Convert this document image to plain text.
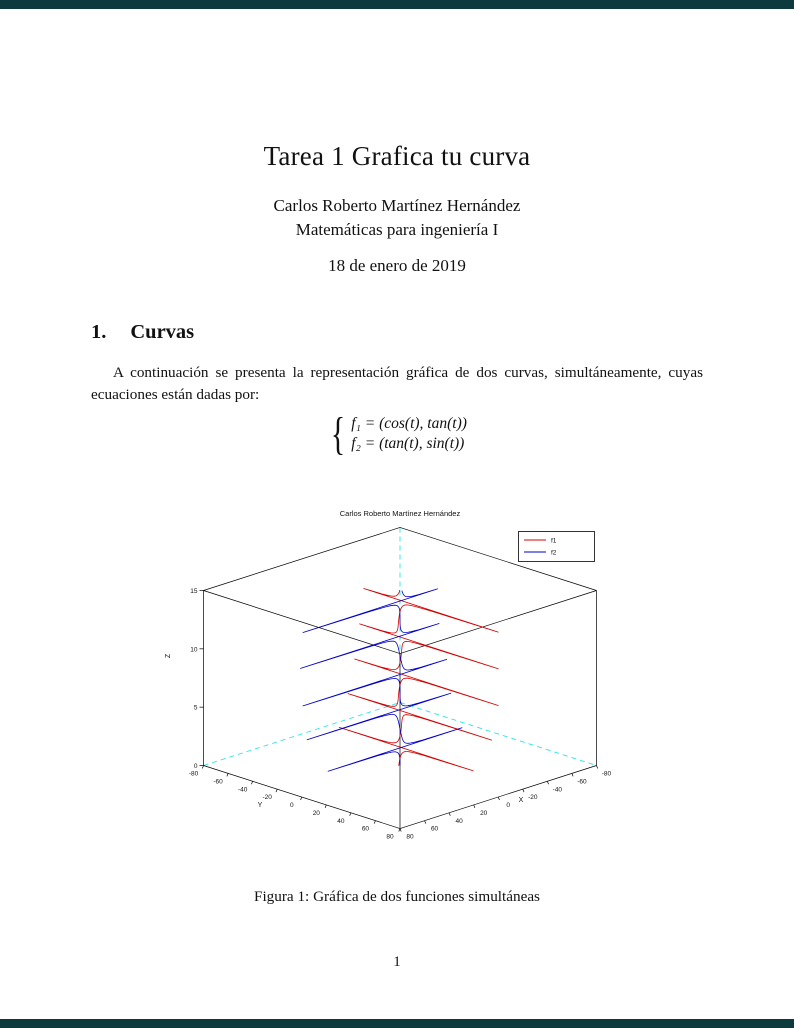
Tarea 1 Grafica tu curva
Carlos Roberto Martínez Hernández
Matemáticas para ingeniería I
18 de enero de 2019
1. Curvas
A continuación se presenta la representación gráfica de dos curvas, simultáneamente, cuyas ecuaciones están dadas por:
{ f₁ = (cos(t), tan(t))
f₂ = (tan(t), sin(t))
0
5
10
15
-80
-60
-40
-20
0
20
40
60
80 80
60
40
20
0
-20
-40
-60
-80
Y
X
Z
Carlos Roberto Martínez Hernández
f1
f2
Figura 1: Gráfica de dos funciones simultáneas
1
